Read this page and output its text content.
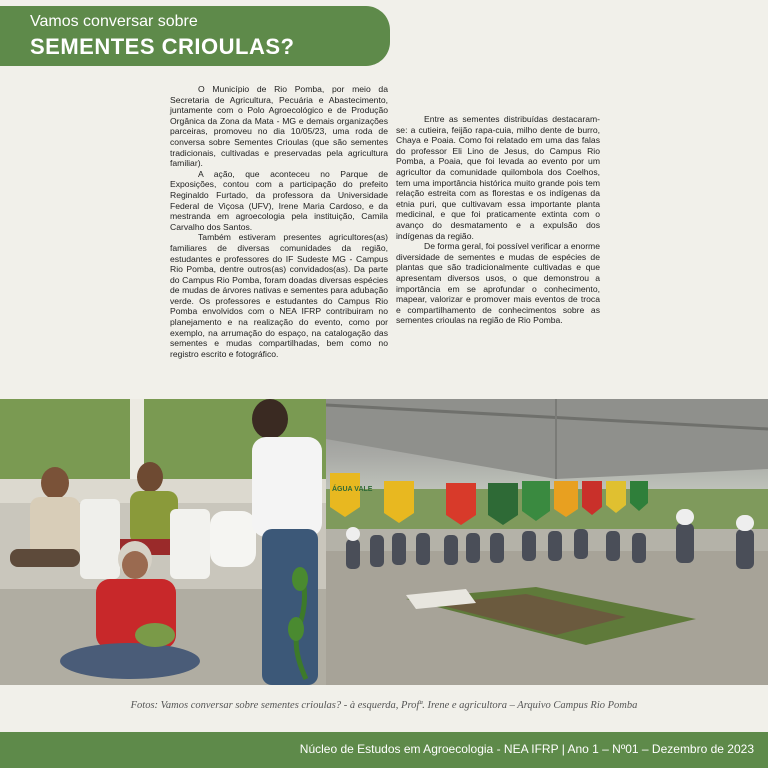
Vamos conversar sobre
SEMENTES CRIOULAS?

O Município de Rio Pomba, por meio da Secretaria de Agricultura, Pecuária e Abastecimento, juntamente com o Polo Agroecológico e de Produção Orgânica da Zona da Mata - MG e demais organizações parceiras, promoveu no dia 10/05/23, uma roda de conversa sobre Sementes Crioulas (que são sementes tradicionais, cultivadas e preservadas pela agricultura familiar).

A ação, que aconteceu no Parque de Exposições, contou com a participação do prefeito Reginaldo Furtado, da professora da Universidade Federal de Viçosa (UFV), Irene Maria Cardoso, e da mestranda em agroecologia pela instituição, Camila Carvalho dos Santos.

Também estiveram presentes agricultores(as) familiares de diversas comunidades da região, estudantes e professores do IF Sudeste MG - Campus Rio Pomba, dentre outros(as) convidados(as). Da parte do Campus Rio Pomba, foram doadas diversas espécies de mudas de árvores nativas e sementes para adubação verde. Os professores e estudantes do Campus Rio Pomba envolvidos com o NEA IFRP contribuiram no planejamento e na realização do evento, como por exemplo, na arrumação do espaço, na catalogação das sementes e mudas compartilhadas, bem como no registro escrito e fotográfico.

Entre as sementes distribuídas destacaram-se: a cutieira, feijão rapa-cuia, milho dente de burro, Chaya e Poaia. Como foi relatado em uma das falas do professor Eli Lino de Jesus, do Campus Rio Pomba, a Poaia, que foi levada ao evento por um agricultor da comunidade quilombola dos Coelhos, tem uma importância histórica muito grande pois tem relação estreita com as florestas e os indígenas da etnia puri, que cultivavam essa importante planta medicinal, e que foi praticamente extinta com o avanço do desmatamento e a expulsão dos indígenas da região.

De forma geral, foi possível verificar a enorme diversidade de sementes e mudas de espécies de plantas que são tradicionalmente cultivadas e que apresentam diversos usos, o que demonstrou a importância em se aprofundar o conhecimento, mapear, valorizar e promover mais eventos de troca e compartilhamento de conhecimentos sobre as sementes crioulas na região de Rio Pomba.

ÁGUA VALE
Fotos: Vamos conversar sobre sementes crioulas? - à esquerda, Profª. Irene e agricultora – Arquivo Campus Rio Pomba
Núcleo de Estudos em Agroecologia - NEA IFRP | Ano 1 – Nº01 – Dezembro de 2023
